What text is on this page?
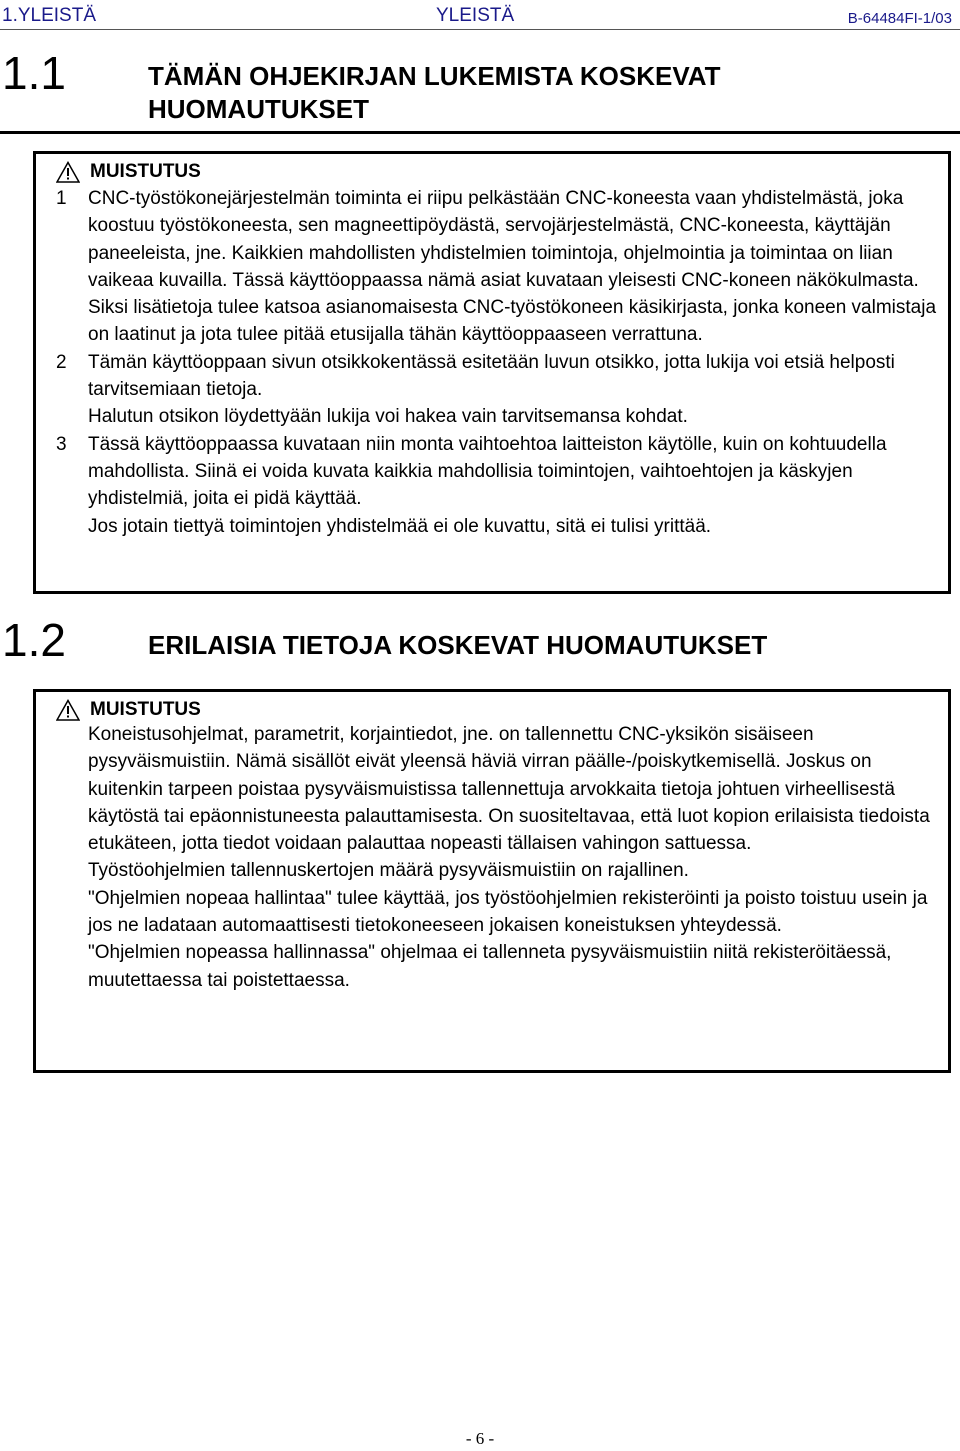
1.YLEISTÄ	YLEISTÄ	B-64484FI-1/03
1.1	TÄMÄN OHJEKIRJAN LUKEMISTA KOSKEVAT
HUOMAUTUKSET
MUISTUTUS
1 CNC-työstökonejärjestelmän toiminta ei riipu pelkästään CNC-koneesta vaan yhdistelmästä, joka koostuu työstökoneesta, sen magneettipöydästä, servojärjestelmästä, CNC-koneesta, käyttäjän paneeleista, jne. Kaikkien mahdollisten yhdistelmien toimintoja, ohjelmointia ja toimintaa on liian vaikeaa kuvailla. Tässä käyttöoppaassa nämä asiat kuvataan yleisesti CNC-koneen näkökulmasta. Siksi lisätietoja tulee katsoa asianomaisesta CNC-työstökoneen käsikirjasta, jonka koneen valmistaja on laatinut ja jota tulee pitää etusijalla tähän käyttöoppaaseen verrattuna.

2 Tämän käyttöoppaan sivun otsikkokentässä esitetään luvun otsikko, jotta lukija voi etsiä helposti tarvitsemiaan tietoja.

Halutun otsikon löydettyään lukija voi hakea vain tarvitsemansa kohdat.

3 Tässä käyttöoppaassa kuvataan niin monta vaihtoehtoa laitteiston käytölle, kuin on kohtuudella mahdollista. Siinä ei voida kuvata kaikkia mahdollisia toimintojen, vaihtoehtojen ja käskyjen yhdistelmiä, joita ei pidä käyttää.

Jos jotain tiettyä toimintojen yhdistelmää ei ole kuvattu, sitä ei tulisi yrittää.

1.2	ERILAISIA TIETOJA KOSKEVAT HUOMAUTUKSET
MUISTUTUS

Koneistusohjelmat, parametrit, korjaintiedot, jne. on tallennettu CNC-yksikön sisäiseen pysyväismuistiin. Nämä sisällöt eivät yleensä häviä virran päälle-/poiskytkemisellä. Joskus on kuitenkin tarpeen poistaa pysyväismuistissa tallennettuja arvokkaita tietoja johtuen virheellisestä käytöstä tai epäonnistuneesta palauttamisesta. On suositeltavaa, että luot kopion erilaisista tiedoista etukäteen, jotta tiedot voidaan palauttaa nopeasti tällaisen vahingon sattuessa.

Työstöohjelmien tallennuskertojen määrä pysyväismuistiin on rajallinen.

"Ohjelmien nopeaa hallintaa" tulee käyttää, jos työstöohjelmien rekisteröinti ja poisto toistuu usein ja jos ne ladataan automaattisesti tietokoneeseen jokaisen koneistuksen yhteydessä.

"Ohjelmien nopeassa hallinnassa" ohjelmaa ei tallenneta pysyväismuistiin niitä rekisteröitäessä, muutettaessa tai poistettaessa.

- 6 -
